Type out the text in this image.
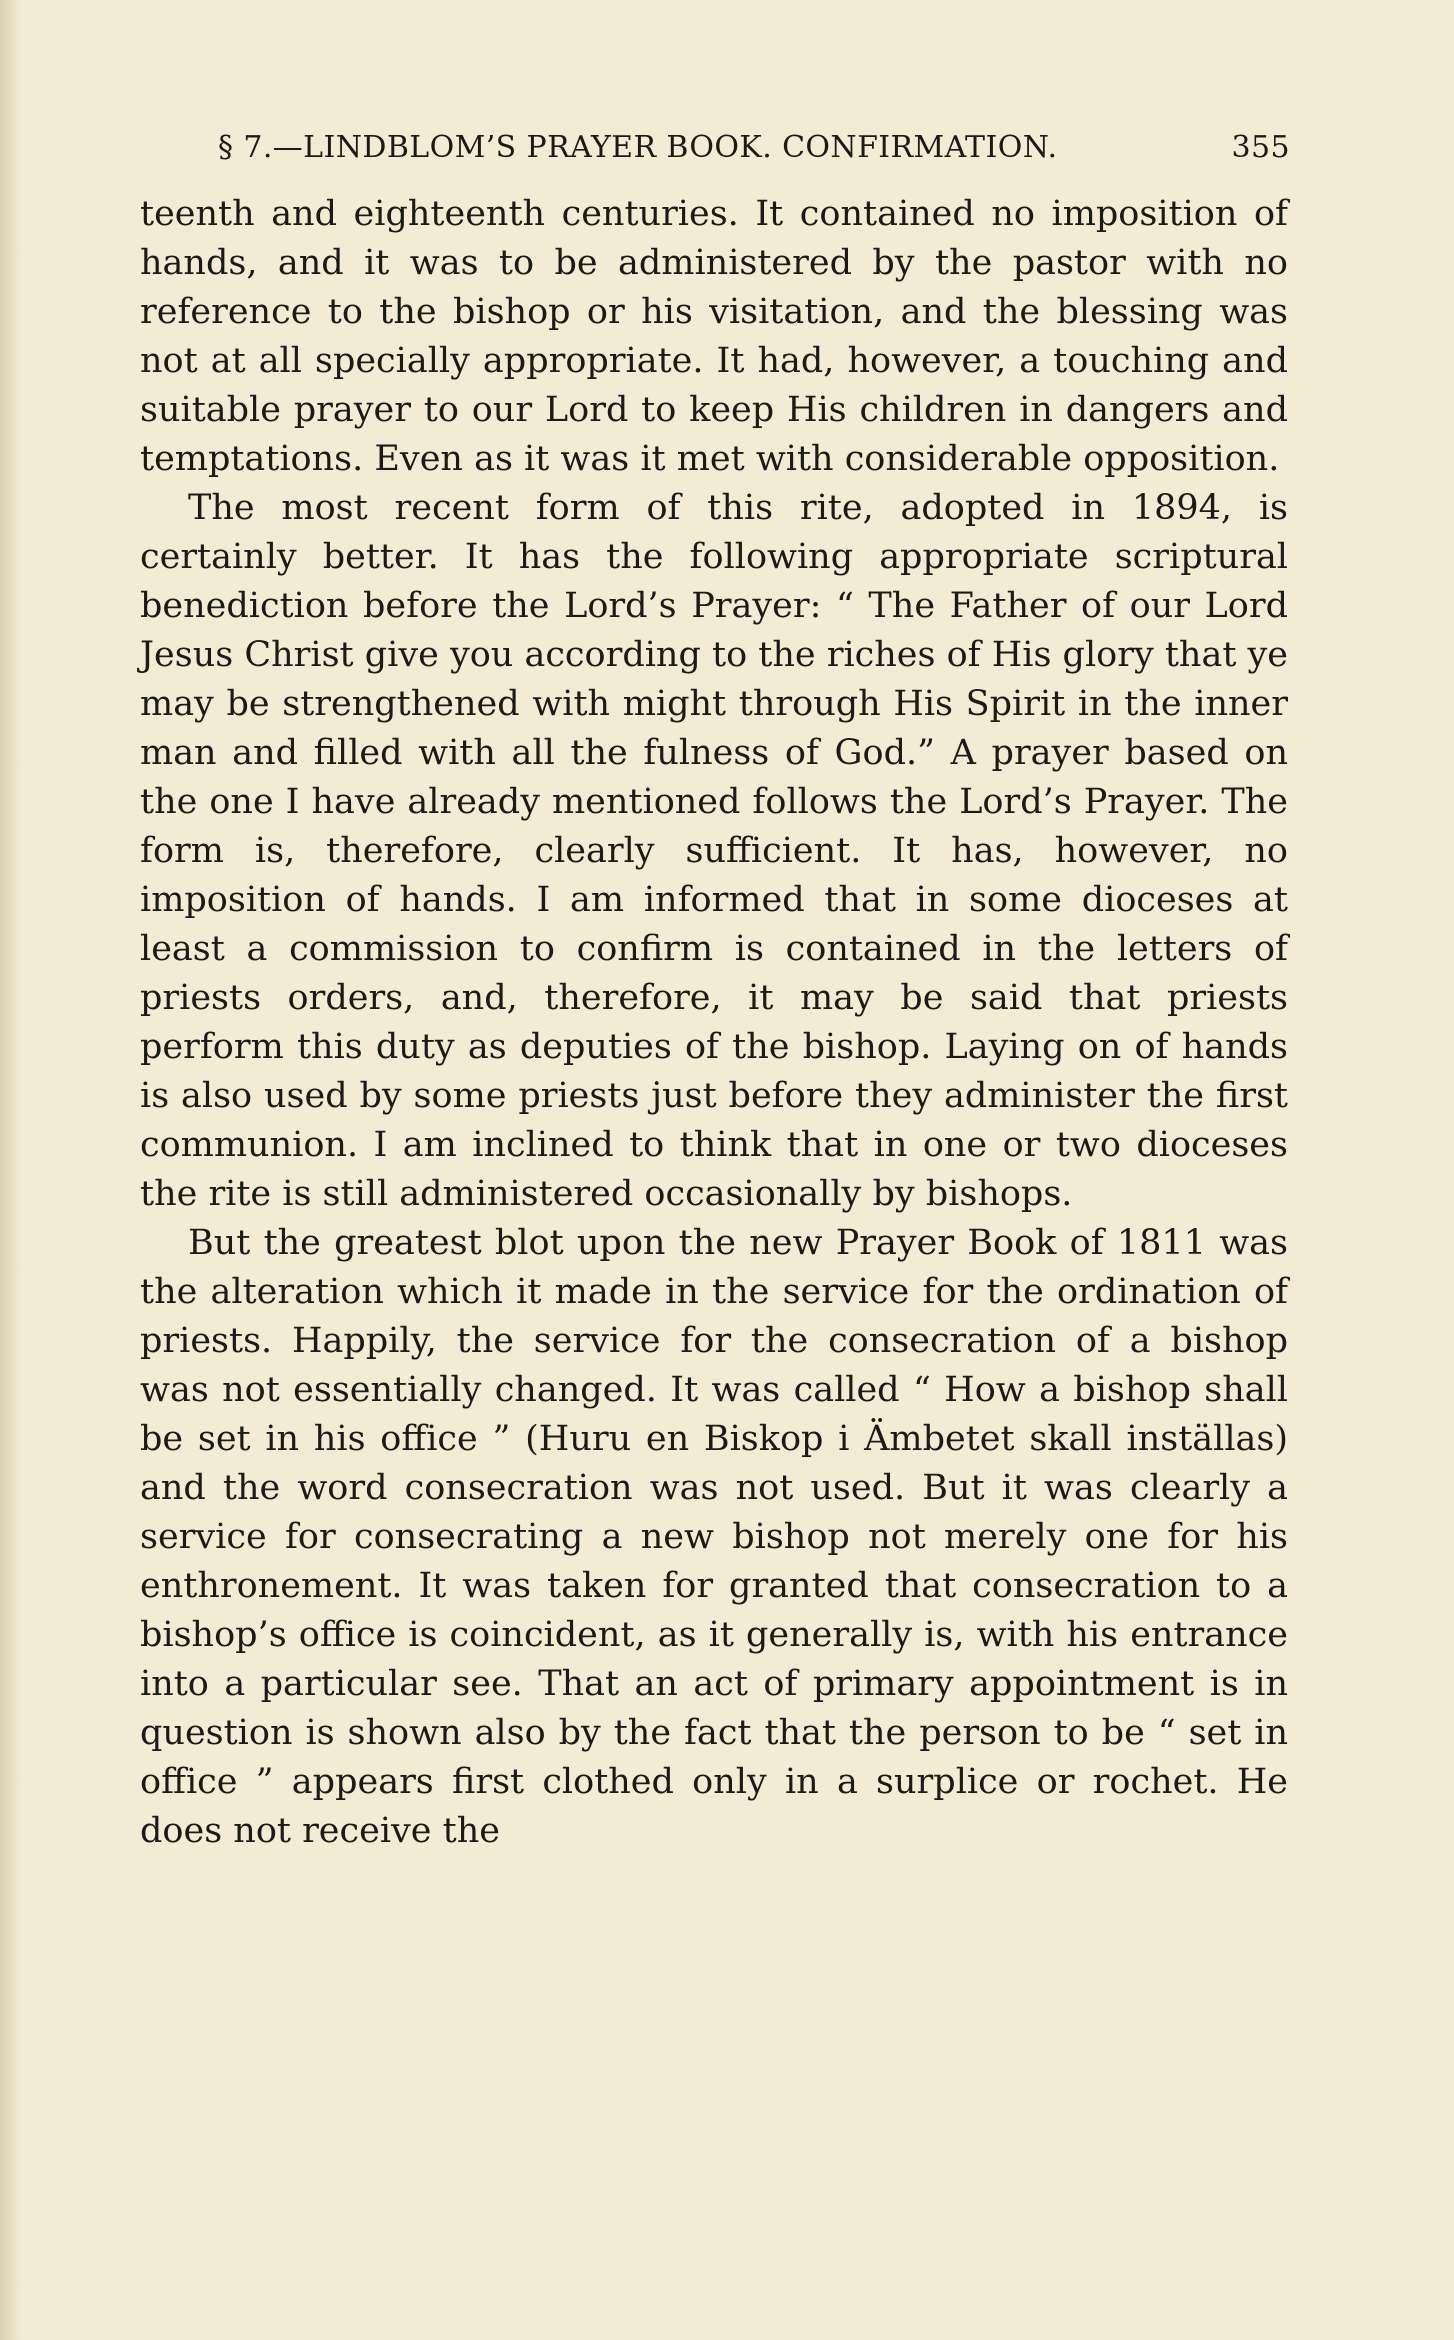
§ 7.—LINDBLOM’S PRAYER BOOK. CONFIRMATION.	355

teenth and eighteenth centuries. It contained no imposition of hands, and it was to be administered by the pastor with no reference to the bishop or his visitation, and the blessing was not at all specially appropriate. It had, however, a touching and suitable prayer to our Lord to keep His children in dangers and temptations. Even as it was it met with considerable opposition.

The most recent form of this rite, adopted in 1894, is certainly better. It has the following appropriate scriptural benediction before the Lord’s Prayer: “ The Father of our Lord Jesus Christ give you according to the riches of His glory that ye may be strengthened with might through His Spirit in the inner man and filled with all the fulness of God.” A prayer based on the one I have already mentioned follows the Lord’s Prayer. The form is, therefore, clearly sufficient. It has, however, no imposition of hands. I am informed that in some dioceses at least a commission to confirm is contained in the letters of priests orders, and, therefore, it may be said that priests perform this duty as deputies of the bishop. Laying on of hands is also used by some priests just before they administer the first communion. I am inclined to think that in one or two dioceses the rite is still administered occasionally by bishops.

But the greatest blot upon the new Prayer Book of 1811 was the alteration which it made in the service for the ordination of priests. Happily, the service for the consecration of a bishop was not essentially changed. It was called “ How a bishop shall be set in his office ” (Huru en Biskop i Ämbetet skall inställas) and the word consecration was not used. But it was clearly a service for consecrating a new bishop not merely one for his enthronement. It was taken for granted that consecration to a bishop’s office is coincident, as it generally is, with his entrance into a particular see. That an act of primary appointment is in question is shown also by the fact that the person to be “ set in office ” appears first clothed only in a surplice or rochet. He does not receive the
